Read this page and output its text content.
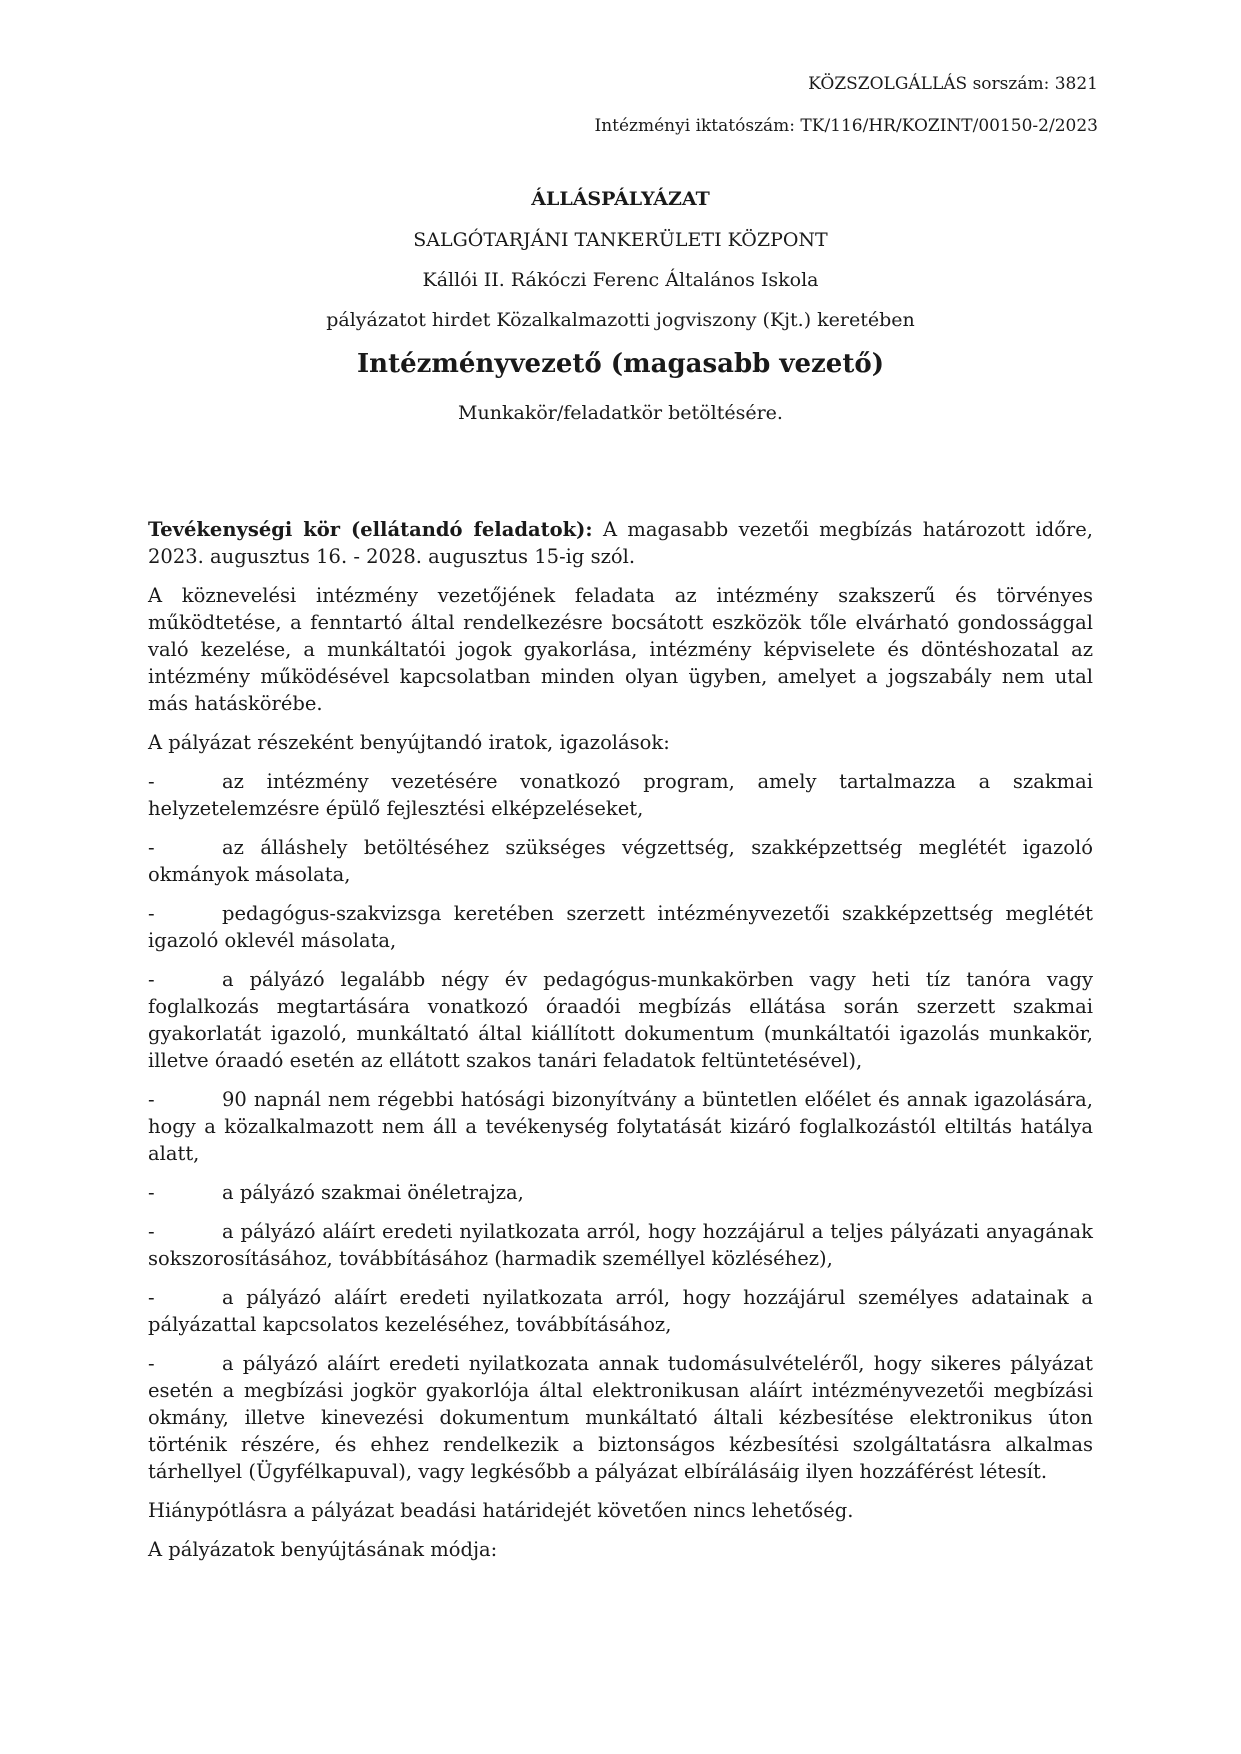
KÖZSZOLGÁLLÁS sorszám: 3821
Intézményi iktatószám: TK/116/HR/KOZINT/00150-2/2023
ÁLLÁSPÁLYÁZAT
SALGÓTARJÁNI TANKERÜLETI KÖZPONT
Kállói II. Rákóczi Ferenc Általános Iskola
pályázatot hirdet Közalkalmazotti jogviszony (Kjt.) keretében
Intézményvezető (magasabb vezető)
Munkakör/feladatkör betöltésére.

Tevékenységi kör (ellátandó feladatok): A magasabb vezetői megbízás határozott időre, 2023. augusztus 16. - 2028. augusztus 15-ig szól.

A köznevelési intézmény vezetőjének feladata az intézmény szakszerű és törvényes működtetése, a fenntartó által rendelkezésre bocsátott eszközök tőle elvárható gondossággal való kezelése, a munkáltatói jogok gyakorlása, intézmény képviselete és döntéshozatal az intézmény működésével kapcsolatban minden olyan ügyben, amelyet a jogszabály nem utal más hatáskörébe.

A pályázat részeként benyújtandó iratok, igazolások:

-	az intézmény vezetésére vonatkozó program, amely tartalmazza a szakmai helyzetelemzésre épülő fejlesztési elképzeléseket,
-	az álláshely betöltéséhez szükséges végzettség, szakképzettség meglétét igazoló okmányok másolata,
-	pedagógus-szakvizsga keretében szerzett intézményvezetői szakképzettség meglétét igazoló oklevél másolata,
-	a pályázó legalább négy év pedagógus-munkakörben vagy heti tíz tanóra vagy foglalkozás megtartására vonatkozó óraadói megbízás ellátása során szerzett szakmai gyakorlatát igazoló, munkáltató által kiállított dokumentum (munkáltatói igazolás munkakör, illetve óraadó esetén az ellátott szakos tanári feladatok feltüntetésével),
-	90 napnál nem régebbi hatósági bizonyítvány a büntetlen előélet és annak igazolására, hogy a közalkalmazott nem áll a tevékenység folytatását kizáró foglalkozástól eltiltás hatálya alatt,
-	a pályázó szakmai önéletrajza,
-	a pályázó aláírt eredeti nyilatkozata arról, hogy hozzájárul a teljes pályázati anyagának sokszorosításához, továbbításához (harmadik személlyel közléséhez),
-	a pályázó aláírt eredeti nyilatkozata arról, hogy hozzájárul személyes adatainak a pályázattal kapcsolatos kezeléséhez, továbbításához,
-	a pályázó aláírt eredeti nyilatkozata annak tudomásulvételéről, hogy sikeres pályázat esetén a megbízási jogkör gyakorlója által elektronikusan aláírt intézményvezetői megbízási okmány, illetve kinevezési dokumentum munkáltató általi kézbesítése elektronikus úton történik részére, és ehhez rendelkezik a biztonságos kézbesítési szolgáltatásra alkalmas tárhellyel (Ügyfélkapuval), vagy legkésőbb a pályázat elbírálásáig ilyen hozzáférést létesít.

Hiánypótlásra a pályázat beadási határidejét követően nincs lehetőség.

A pályázatok benyújtásának módja:
